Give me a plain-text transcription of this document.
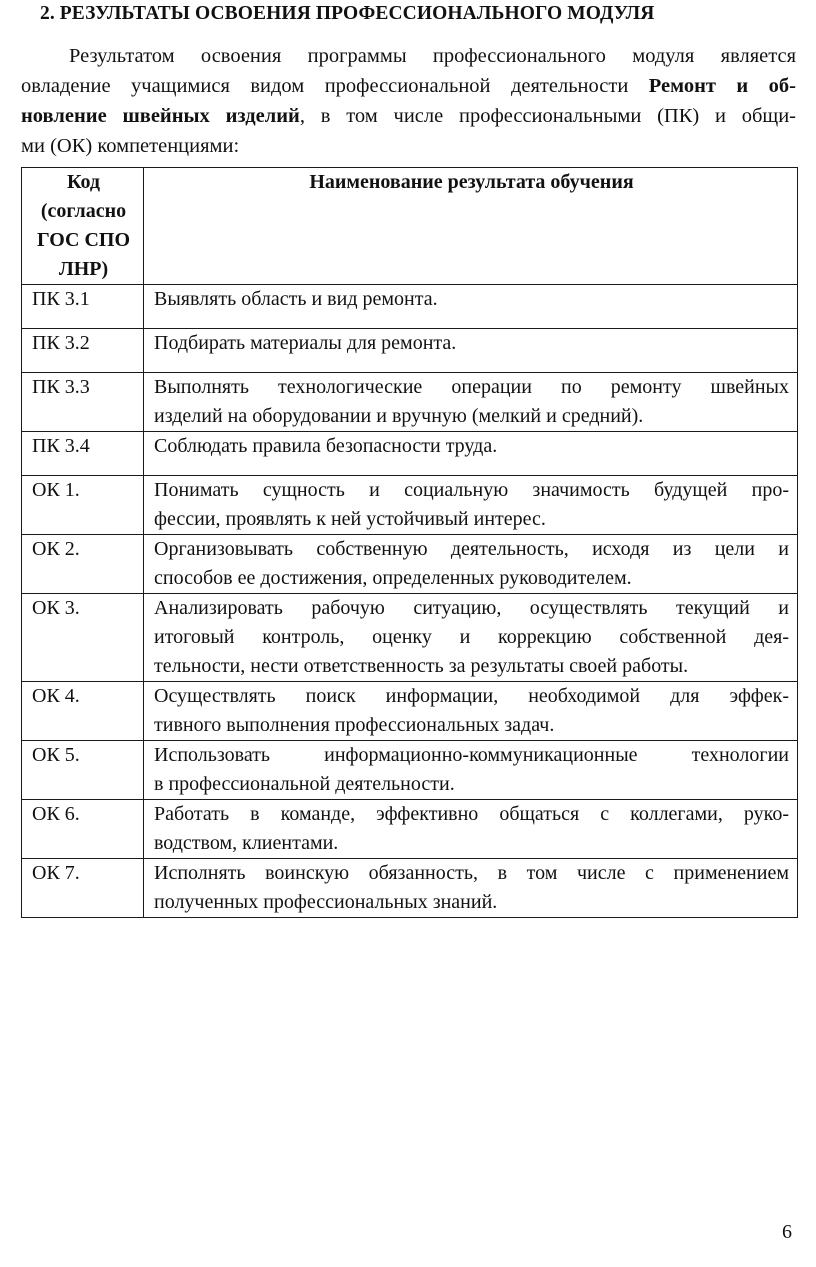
2. РЕЗУЛЬТАТЫ ОСВОЕНИЯ ПРОФЕССИОНАЛЬНОГО МОДУЛЯ
Результатом освоения программы профессионального модуля является
овладение учащимися видом профессиональной деятельности Ремонт и об-
новление швейных изделий, в том числе профессиональными (ПК) и общи-
ми (ОК) компетенциями:
Код
(согласно
ГОС СПО
ЛНР)	Наименование результата обучения
ПК 3.1	Выявлять область и вид ремонта.

ПК 3.2	Подбирать материалы для ремонта.

ПК 3.3	Выполнять технологические операции по ремонту швейных
изделий на оборудовании и вручную (мелкий и средний).

ПК 3.4	Соблюдать правила безопасности труда.

ОК 1.	Понимать сущность и социальную значимость будущей про-
фессии, проявлять к ней устойчивый интерес.

ОК 2.	Организовывать собственную деятельность, исходя из цели и
способов ее достижения, определенных руководителем.

ОК 3.	Анализировать рабочую ситуацию, осуществлять текущий и
итоговый контроль, оценку и коррекцию собственной дея-
тельности, нести ответственность за результаты своей работы.

ОК 4.	Осуществлять поиск информации, необходимой для эффек-
тивного выполнения профессиональных задач.

ОК 5.	Использовать информационно-коммуникационные технологии
в профессиональной деятельности.

ОК 6.	Работать в команде, эффективно общаться с коллегами, руко-
водством, клиентами.

ОК 7.	Исполнять воинскую обязанность, в том числе с применением
полученных профессиональных знаний.
6
